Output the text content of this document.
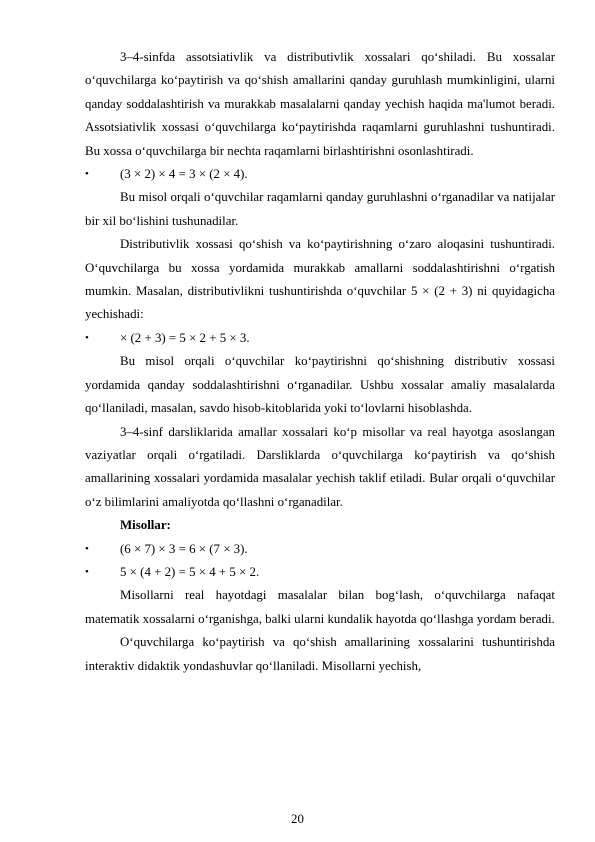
3–4-sinfda assotsiativlik va distributivlik xossalari qo‘shiladi. Bu xossalar o‘quvchilarga ko‘paytirish va qo‘shish amallarini qanday guruhlash mumkinligini, ularni qanday soddalashtirish va murakkab masalalarni qanday yechish haqida ma'lumot beradi. Assotsiativlik xossasi o‘quvchilarga ko‘paytirishda raqamlarni guruhlashni tushuntiradi. Bu xossa o‘quvchilarga bir nechta raqamlarni birlashtirishni osonlashtiradi.

• (3 × 2) × 4 = 3 × (2 × 4).

Bu misol orqali o‘quvchilar raqamlarni qanday guruhlashni o‘rganadilar va natijalar bir xil bo‘lishini tushunadilar.

Distributivlik xossasi qo‘shish va ko‘paytirishning o‘zaro aloqasini tushuntiradi. O‘quvchilarga bu xossa yordamida murakkab amallarni soddalashtirishni o‘rgatish mumkin. Masalan, distributivlikni tushuntirishda o‘quvchilar 5 × (2 + 3) ni quyidagicha yechishadi:

• × (2 + 3) = 5 × 2 + 5 × 3.

Bu misol orqali o‘quvchilar ko‘paytirishni qo‘shishning distributiv xossasi yordamida qanday soddalashtirishni o‘rganadilar. Ushbu xossalar amaliy masalalarda qo‘llaniladi, masalan, savdo hisob-kitoblarida yoki to‘lovlarni hisoblashda.

3–4-sinf darsliklarida amallar xossalari ko‘p misollar va real hayotga asoslangan vaziyatlar orqali o‘rgatiladi. Darsliklarda o‘quvchilarga ko‘paytirish va qo‘shish amallarining xossalari yordamida masalalar yechish taklif etiladi. Bular orqali o‘quvchilar o‘z bilimlarini amaliyotda qo‘llashni o‘rganadilar.

Misollar:

• (6 × 7) × 3 = 6 × (7 × 3).

• 5 × (4 + 2) = 5 × 4 + 5 × 2.

Misollarni real hayotdagi masalalar bilan bog‘lash, o‘quvchilarga nafaqat matematik xossalarni o‘rganishga, balki ularni kundalik hayotda qo‘llashga yordam beradi.

O‘quvchilarga ko‘paytirish va qo‘shish amallarining xossalarini tushuntirishda interaktiv didaktik yondashuvlar qo‘llaniladi. Misollarni yechish,

20
